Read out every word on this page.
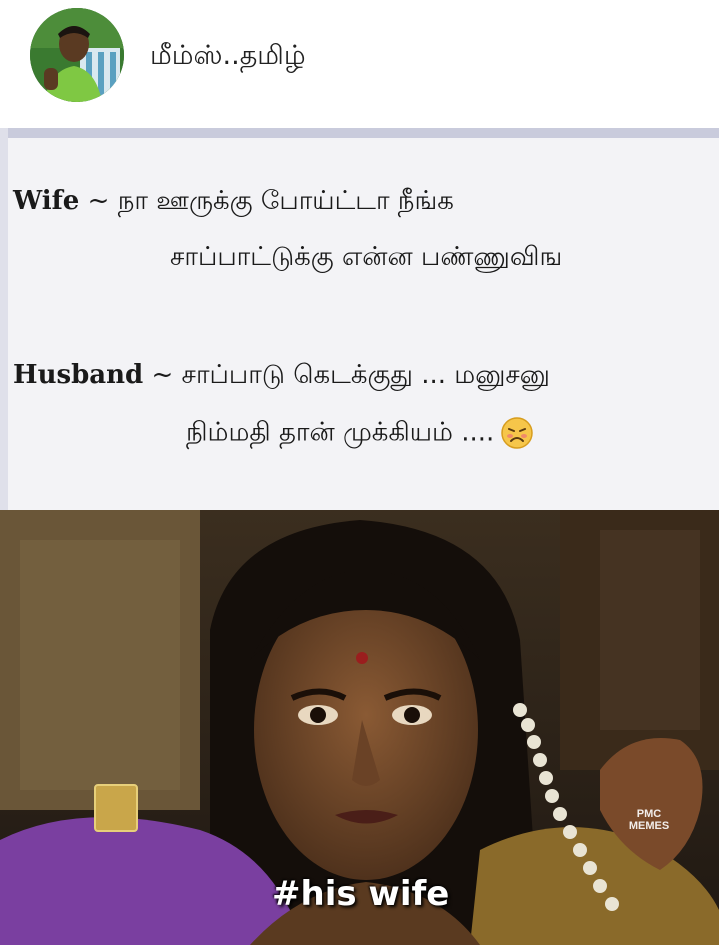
மீம்ஸ்..தமிழ்
Wife ~ நா ஊருக்கு போய்ட்டா நீங்க
சாப்பாட்டுக்கு என்ன பண்ணுவிங
Husband ~ சாப்பாடு கெடக்குது ... மனுசனு
நிம்மதி தான் முக்கியம் ....
PMC
MEMES
#his wife
